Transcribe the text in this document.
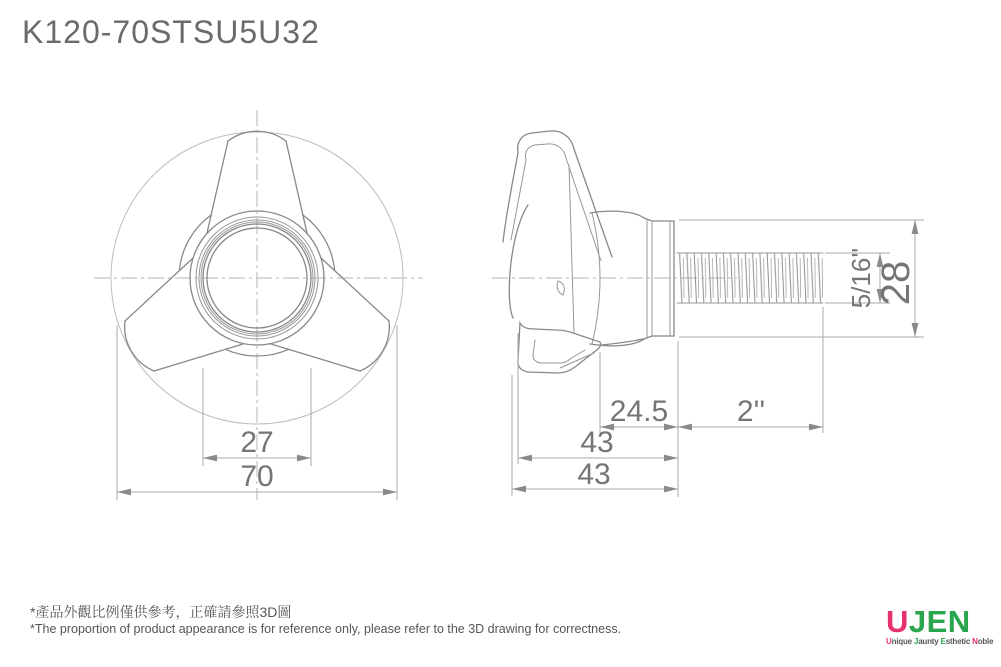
K120-70STSU5U32
27
70
24.5 2''
43
43
5/16''
28

*產品外觀比例僅供參考，正確請參照3D圖

*The proportion of product appearance is for reference only, please refer to the 3D drawing for correctness.	UJEN
Unique Jaunty Esthetic Noble
